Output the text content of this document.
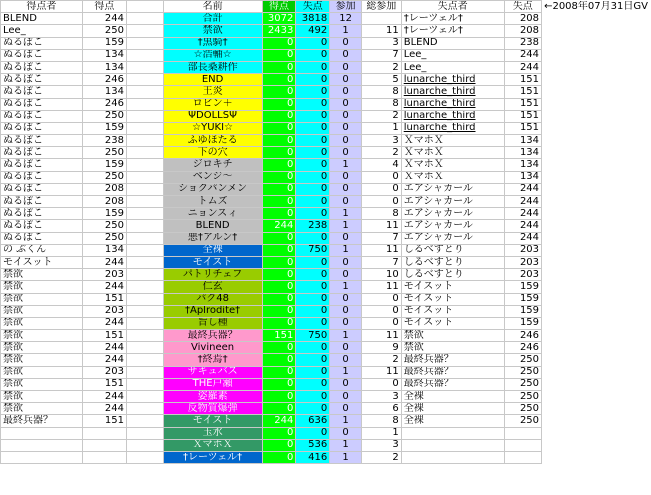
得点者	得点		名前	得点	失点	参加	総参加	失点者	失点	←2008年07月31日GV
BLEND	244		合計	3072	3818	12		†レーツェル†	208	
Lee_	250		禁欲	2433	492	1	11	†レーツェル†	208	
ぬるぽこ	159		†黒騎†	0	0	0	3	BLEND	238	
ぬるぽこ	134		☆浩輔☆	0	0	0	7	Lee_	244	
ぬるぽこ	134		部長桑耕作	0	0	0	2	Lee_	244	
ぬるぽこ	246		END	0	0	0	5	lunarche_third	151	
ぬるぽこ	134		王炎	0	0	0	8	lunarche_third	151	
ぬるぽこ	246		ロビン＋	0	0	0	8	lunarche_third	151	
ぬるぽこ	250		ΨDOLLSΨ	0	0	0	2	lunarche_third	151	
ぬるぽこ	159		☆YUKI☆	0	0	0	1	lunarche_third	151	
ぬるぽこ	238		ふゆほたる	0	0	0	3	ＸマホＸ	134	
ぬるぽこ	250		下の穴	0	0	0	2	ＸマホＸ	134	
ぬるぽこ	159		ジロキチ	0	0	1	4	ＸマホＸ	134	
ぬるぽこ	250		ベンジ～	0	0	0	0	ＸマホＸ	134	
ぬるぽこ	208		ショクパンメン	0	0	0	0	エアシャカール	244	
ぬるぽこ	208		トムズ	0	0	0	0	エアシャカール	244	
ぬるぽこ	159		ニョンスィ	0	0	1	8	エアシャカール	244	
ぬるぽこ	250		BLEND	244	238	1	11	エアシャカール	244	
ぬるぽこ	250		悪†アルン†	0	0	0	7	エアシャカール	244	
の ぶくん	134		全裸	0	750	1	11	しるべすとり	203	
モイスット	244		モイスト	0	0	0	7	しるべすとり	203	
禁欲	203		パトリチェフ	0	0	0	10	しるべすとり	203	
禁欲	244		仁玄	0	0	1	11	モイスット	159	
禁欲	151		パク48	0	0	0	0	モイスット	159	
禁欲	203		†Aplrodite†	0	0	0	0	モイスット	159	
禁欲	244		旨し種	0	0	0	0	モイスット	159	
禁欲	151		最終兵器？	151	750	1	11	禁欲	246	
禁欲	244		Vivineen	0	0	0	9	禁欲	246	
禁欲	244		†終焉†	0	0	0	2	最終兵器？	250	
禁欲	203		サキュバス	0	0	1	11	最終兵器？	250	
禁欲	151		THE戸瀬	0	0	0	0	最終兵器？	250	
禁欲	244		姿羅素	0	0	0	3	全裸	250	
禁欲	244		反物質爆弾	0	0	0	6	全裸	250	
最終兵器？	151		モイスト	244	636	1	8	全裸	250	
			玉水	0	0	0	1			
			ＸマホＸ	0	536	1	3			
			†レーツェル†	0	416	1	2			
